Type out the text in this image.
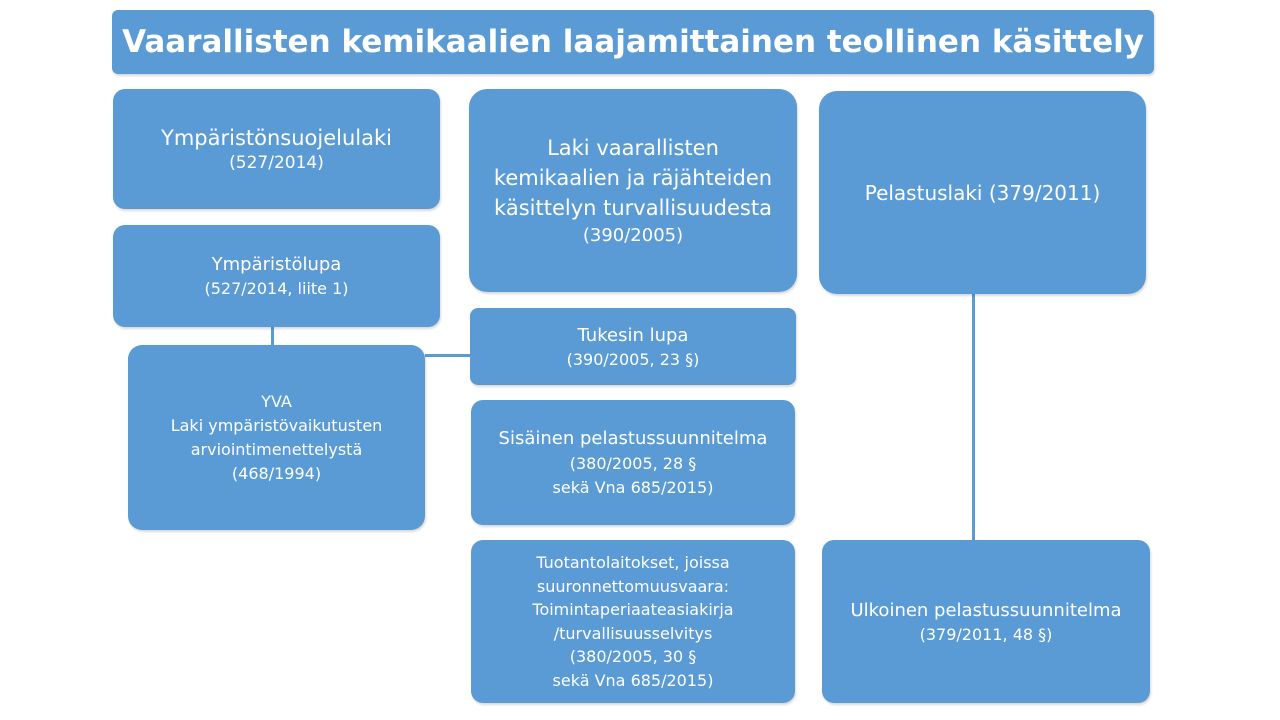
Vaarallisten kemikaalien laajamittainen teollinen käsittely
Ympäristönsuojelulaki
(527/2014)
Laki vaarallisten
kemikaalien ja räjähteiden
käsittelyn turvallisuudesta
(390/2005)
Pelastuslaki (379/2011)
Ympäristölupa
(527/2014, liite 1)
Tukesin lupa
(390/2005, 23 §)
YVA
Laki ympäristövaikutusten
arviointimenettelystä
(468/1994)
Sisäinen pelastussuunnitelma
(380/2005, 28 §
sekä Vna 685/2015)
Tuotantolaitokset, joissa
suuronnettomuusvaara:
Toimintaperiaateasiakirja
/turvallisuusselvitys
(380/2005, 30 §
sekä Vna 685/2015)
Ulkoinen pelastussuunnitelma
(379/2011, 48 §)
